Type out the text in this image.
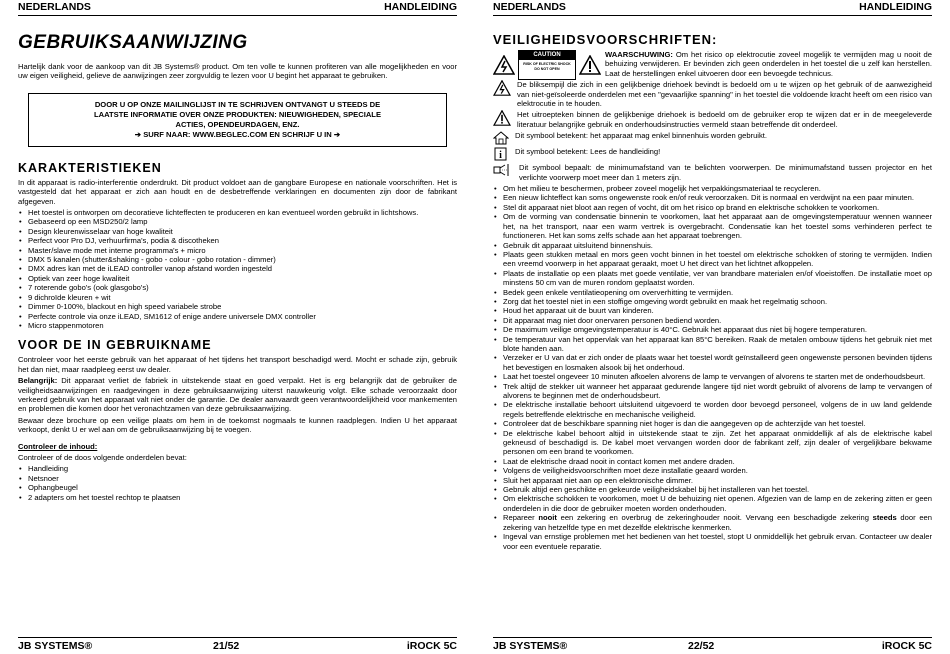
NEDERLANDS	HANDLEIDING
GEBRUIKSAANWIJZING

Hartelijk dank voor de aankoop van dit JB Systems® product. Om ten volle te kunnen profiteren van alle mogelijkheden en voor uw eigen veiligheid, gelieve de aanwijzingen zeer zorgvuldig te lezen voor U begint het apparaat te gebruiken.

DOOR U OP ONZE MAILINGLIJST IN TE SCHRIJVEN ONTVANGT U STEEDS DE
LAATSTE INFORMATIE OVER ONZE PRODUKTEN: NIEUWIGHEDEN, SPECIALE
ACTIES, OPENDEURDAGEN, ENZ.
➔ SURF NAAR: WWW.BEGLEC.COM EN SCHRIJF U IN ➔
KARAKTERISTIEKEN

In dit apparaat is radio-interferentie onderdrukt. Dit product voldoet aan de gangbare Europese en nationale voorschriften. Het is vastgesteld dat het apparaat er zich aan houdt en de desbetreffende verklaringen en documenten zijn door de fabrikant afgegeven.

• Het toestel is ontworpen om decoratieve lichteffecten te produceren en kan eventueel worden gebruikt in lichtshows.
• Gebaseerd op een MSD250/2 lamp
• Design kleurenwisselaar van hoge kwaliteit
• Perfect voor Pro DJ, verhuurfirma's, podia & discotheken
• Master/slave mode met interne programma's + micro
• DMX 5 kanalen (shutter&shaking - gobo - colour - gobo rotation - dimmer)
• DMX adres kan met de iLEAD controller vanop afstand worden ingesteld
• Optiek van zeer hoge kwaliteit
• 7 roterende gobo's (ook glasgobo's)
• 9 dichroïde kleuren + wit
• Dimmer 0-100%, blackout en high speed variabele strobe
• Perfecte controle via onze iLEAD, SM1612 of enige andere universele DMX controller
• Micro stappenmotoren
VOOR DE IN GEBRUIKNAME

Controleer voor het eerste gebruik van het apparaat of het tijdens het transport beschadigd werd. Mocht er schade zijn, gebruik het dan niet, maar raadpleeg eerst uw dealer.

Belangrijk: Dit apparaat verliet de fabriek in uitstekende staat en goed verpakt. Het is erg belangrijk dat de gebruiker de veiligheidsaanwijzingen en raadgevingen in deze gebruiksaanwijzing uiterst nauwkeurig volgt. Elke schade veroorzaakt door verkeerd gebruik van het apparaat valt niet onder de garantie. De dealer aanvaardt geen verantwoordelijkheid voor mankementen en problemen die komen door het veronachtzamen van deze gebruiksaanwijzing.

Bewaar deze brochure op een veilige plaats om hem in de toekomst nogmaals te kunnen raadplegen. Indien U het apparaat verkoopt, denkt U er wel aan om de gebruiksaanwijzing bij te voegen.

Controleer de inhoud:

Controleer of de doos volgende onderdelen bevat:

• Handleiding
• Netsnoer
• Ophangbeugel
• 2 adapters om het toestel rechtop te plaatsen
JB SYSTEMS®	21/52	iROCK 5C
NEDERLANDS	HANDLEIDING
VEILIGHEIDSVOORSCHRIFTEN:
CAUTION
RISK OF ELECTRIC SHOCK
DO NOT OPEN

WAARSCHUWING: Om het risico op elektrocutie zoveel mogelijk te vermijden mag u nooit de behuizing verwijderen. Er bevinden zich geen onderdelen in het toestel die u zelf kan herstellen. Laat de herstellingen enkel uitvoeren door een bevoegde technicus.

De bliksempijl die zich in een gelijkbenige driehoek bevindt is bedoeld om u te wijzen op het gebruik of de aanwezigheid van niet-geïsoleerde onderdelen met een "gevaarlijke spanning" in het toestel die voldoende kracht heeft om een risico van elektrocutie in te houden.

Het uitroepteken binnen de gelijkbenige driehoek is bedoeld om de gebruiker erop te wijzen dat er in de meegeleverde literatuur belangrijke gebruik en onderhoudsinstructies vermeld staan betreffende dit onderdeel.

Dit symbool betekent: het apparaat mag enkel binnenhuis worden gebruikt.

i Dit symbool betekent: Lees de handleiding!

Dit symbool bepaalt: de minimumafstand van te belichten voorwerpen. De minimumafstand tussen projector en het verlichte voorwerp moet meer dan 1 meters zijn.

• Om het milieu te beschermen, probeer zoveel mogelijk het verpakkingsmateriaal te recycleren.
• Een nieuw lichteffect kan soms ongewenste rook en/of reuk veroorzaken. Dit is normaal en verdwijnt na een paar minuten.
• Stel dit apparaat niet bloot aan regen of vocht, dit om het risico op brand en elektrische schokken te voorkomen.
• Om de vorming van condensatie binnenin te voorkomen, laat het apparaat aan de omgevingstemperatuur wennen wanneer het, na het transport, naar een warm vertrek is overgebracht. Condensatie kan het toestel soms verhinderen perfect te functioneren. Het kan soms zelfs schade aan het apparaat toebrengen.
• Gebruik dit apparaat uitsluitend binnenshuis.
• Plaats geen stukken metaal en mors geen vocht binnen in het toestel om elektrische schokken of storing te vermijden. Indien een vreemd voorwerp in het apparaat geraakt, moet U het direct van het lichtnet afkoppelen.
• Plaats de installatie op een plaats met goede ventilatie, ver van brandbare materialen en/of vloeistoffen. De installatie moet op minstens 50 cm van de muren rondom geplaatst worden.
• Bedek geen enkele ventilatieopening om oververhitting te vermijden.
• Zorg dat het toestel niet in een stoffige omgeving wordt gebruikt en maak het regelmatig schoon.
• Houd het apparaat uit de buurt van kinderen.
• Dit apparaat mag niet door onervaren personen bediend worden.
• De maximum veilige omgevingstemperatuur is 40°C. Gebruik het apparaat dus niet bij hogere temperaturen.
• De temperatuur van het oppervlak van het apparaat kan 85°C bereiken. Raak de metalen ombouw tijdens het gebruik niet met blote handen aan.
• Verzeker er U van dat er zich onder de plaats waar het toestel wordt geïnstalleerd geen ongewenste personen bevinden tijdens het bevestigen en losmaken alsook bij het onderhoud.
• Laat het toestel ongeveer 10 minuten afkoelen alvorens de lamp te vervangen of alvorens te starten met de onderhoudsbeurt.
• Trek altijd de stekker uit wanneer het apparaat gedurende langere tijd niet wordt gebruikt of alvorens de lamp te vervangen of alvorens te beginnen met de onderhoudsbeurt.
• De elektrische installatie behoort uitsluitend uitgevoerd te worden door bevoegd personeel, volgens de in uw land geldende regels betreffende elektrische en mechanische veiligheid.
• Controleer dat de beschikbare spanning niet hoger is dan die aangegeven op de achterzijde van het toestel.
• De elektrische kabel behoort altijd in uitstekende staat te zijn. Zet het apparaat onmiddellijk af als de elektrische kabel gekneusd of beschadigd is. De kabel moet vervangen worden door de fabrikant zelf, zijn dealer of vergelijkbare bekwame personen om een brand te voorkomen.
• Laat de elektrische draad nooit in contact komen met andere draden.
• Volgens de veiligheidsvoorschriften moet deze installatie geaard worden.
• Sluit het apparaat niet aan op een elektronische dimmer.
• Gebruik altijd een geschikte en gekeurde veiligheidskabel bij het installeren van het toestel.
• Om elektrische schokken te voorkomen, moet U de behuizing niet openen. Afgezien van de lamp en de zekering zitten er geen onderdelen in die door de gebruiker moeten worden onderhouden.
• Repareer nooit een zekering en overbrug de zekeringhouder nooit. Vervang een beschadigde zekering steeds door een zekering van hetzelfde type en met dezelfde elektrische kenmerken.
• Ingeval van ernstige problemen met het bedienen van het toestel, stopt U onmiddellijk het gebruik ervan. Contacteer uw dealer voor een eventuele reparatie.
JB SYSTEMS®	22/52	iROCK 5C
